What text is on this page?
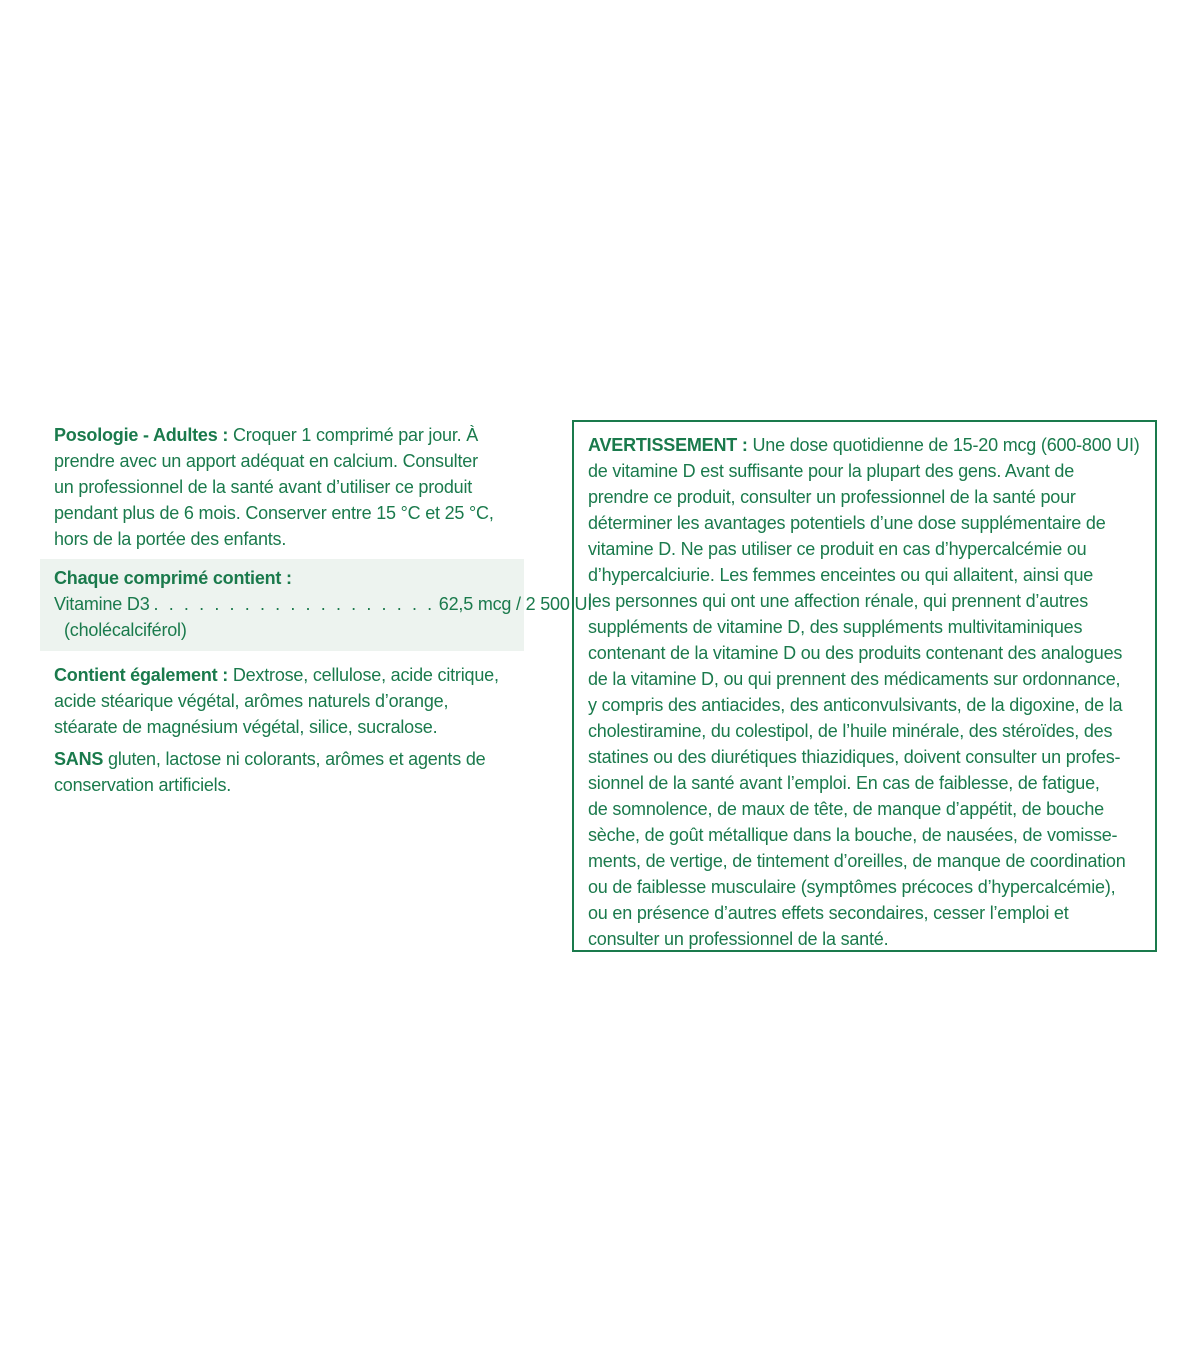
Posologie - Adultes : Croquer 1 comprimé par jour. À
prendre avec un apport adéquat en calcium. Consulter
un professionnel de la santé avant d’utiliser ce produit
pendant plus de 6 mois. Conserver entre 15 °C et 25 °C,
hors de la portée des enfants.
Chaque comprimé contient :
Vitamine D3 . . . . . . . . . . . . . . . . . . . 62,5 mcg / 2 500 UI
(cholécalciférol)
Contient également : Dextrose, cellulose, acide citrique,
acide stéarique végétal, arômes naturels d’orange,
stéarate de magnésium végétal, silice, sucralose.
SANS gluten, lactose ni colorants, arômes et agents de
conservation artificiels.
AVERTISSEMENT : Une dose quotidienne de 15-20 mcg (600-800 UI)
de vitamine D est suffisante pour la plupart des gens. Avant de
prendre ce produit, consulter un professionnel de la santé pour
déterminer les avantages potentiels d’une dose supplémentaire de
vitamine D. Ne pas utiliser ce produit en cas d’hypercalcémie ou
d’hypercalciurie. Les femmes enceintes ou qui allaitent, ainsi que
les personnes qui ont une affection rénale, qui prennent d’autres
suppléments de vitamine D, des suppléments multivitaminiques
contenant de la vitamine D ou des produits contenant des analogues
de la vitamine D, ou qui prennent des médicaments sur ordonnance,
y compris des antiacides, des anticonvulsivants, de la digoxine, de la
cholestiramine, du colestipol, de l’huile minérale, des stéroïdes, des
statines ou des diurétiques thiazidiques, doivent consulter un profes-
sionnel de la santé avant l’emploi. En cas de faiblesse, de fatigue,
de somnolence, de maux de tête, de manque d’appétit, de bouche
sèche, de goût métallique dans la bouche, de nausées, de vomisse-
ments, de vertige, de tintement d’oreilles, de manque de coordination
ou de faiblesse musculaire (symptômes précoces d’hypercalcémie),
ou en présence d’autres effets secondaires, cesser l’emploi et
consulter un professionnel de la santé.
